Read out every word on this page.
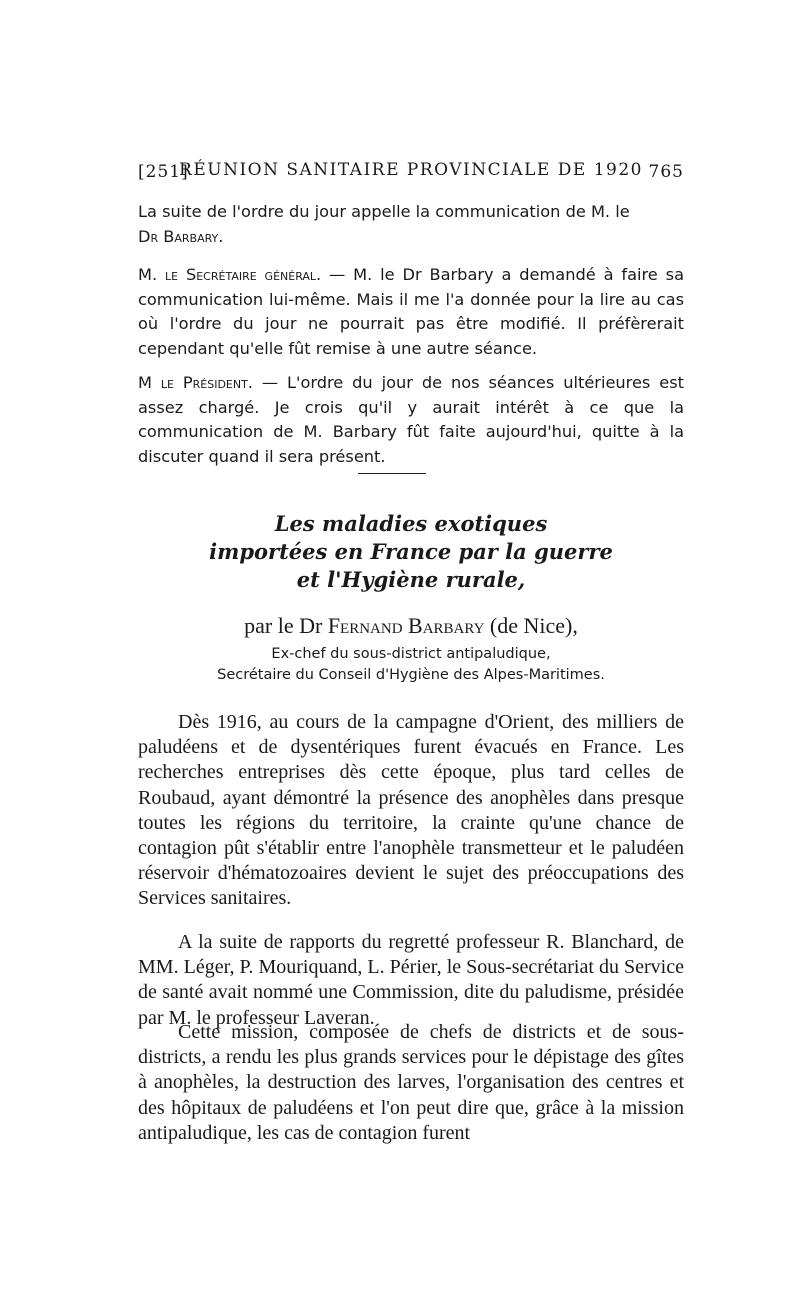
[251]
RÉUNION SANITAIRE PROVINCIALE DE 1920 765
La suite de l'ordre du jour appelle la communication de M. le
Dr Barbary.
M. le Secrétaire général. — M. le Dr Barbary a demandé à faire sa communication lui-même. Mais il me l'a donnée pour la lire au cas où l'ordre du jour ne pourrait pas être modifié. Il préfèrerait cependant qu'elle fût remise à une autre séance.
M le Président. — L'ordre du jour de nos séances ultérieures est assez chargé. Je crois qu'il y aurait intérêt à ce que la communication de M. Barbary fût faite aujourd'hui, quitte à la discuter quand il sera présent.
Les maladies exotiques
importées en France par la guerre
et l'Hygiène rurale,
par le Dr Fernand Barbary (de Nice),
Ex-chef du sous-district antipaludique,
Secrétaire du Conseil d'Hygiène des Alpes-Maritimes.

Dès 1916, au cours de la campagne d'Orient, des milliers de paludéens et de dysentériques furent évacués en France. Les recherches entreprises dès cette époque, plus tard celles de Roubaud, ayant démontré la présence des anophèles dans presque toutes les régions du territoire, la crainte qu'une chance de contagion pût s'établir entre l'anophèle transmetteur et le paludéen réservoir d'hématozoaires devient le sujet des préoccupations des Services sanitaires.

A la suite de rapports du regretté professeur R. Blanchard, de MM. Léger, P. Mouriquand, L. Périer, le Sous-secrétariat du Service de santé avait nommé une Commission, dite du paludisme, présidée par M. le professeur Laveran.

Cette mission, composée de chefs de districts et de sous-districts, a rendu les plus grands services pour le dépistage des gîtes à anophèles, la destruction des larves, l'organisation des centres et des hôpitaux de paludéens et l'on peut dire que, grâce à la mission antipaludique, les cas de contagion furent
